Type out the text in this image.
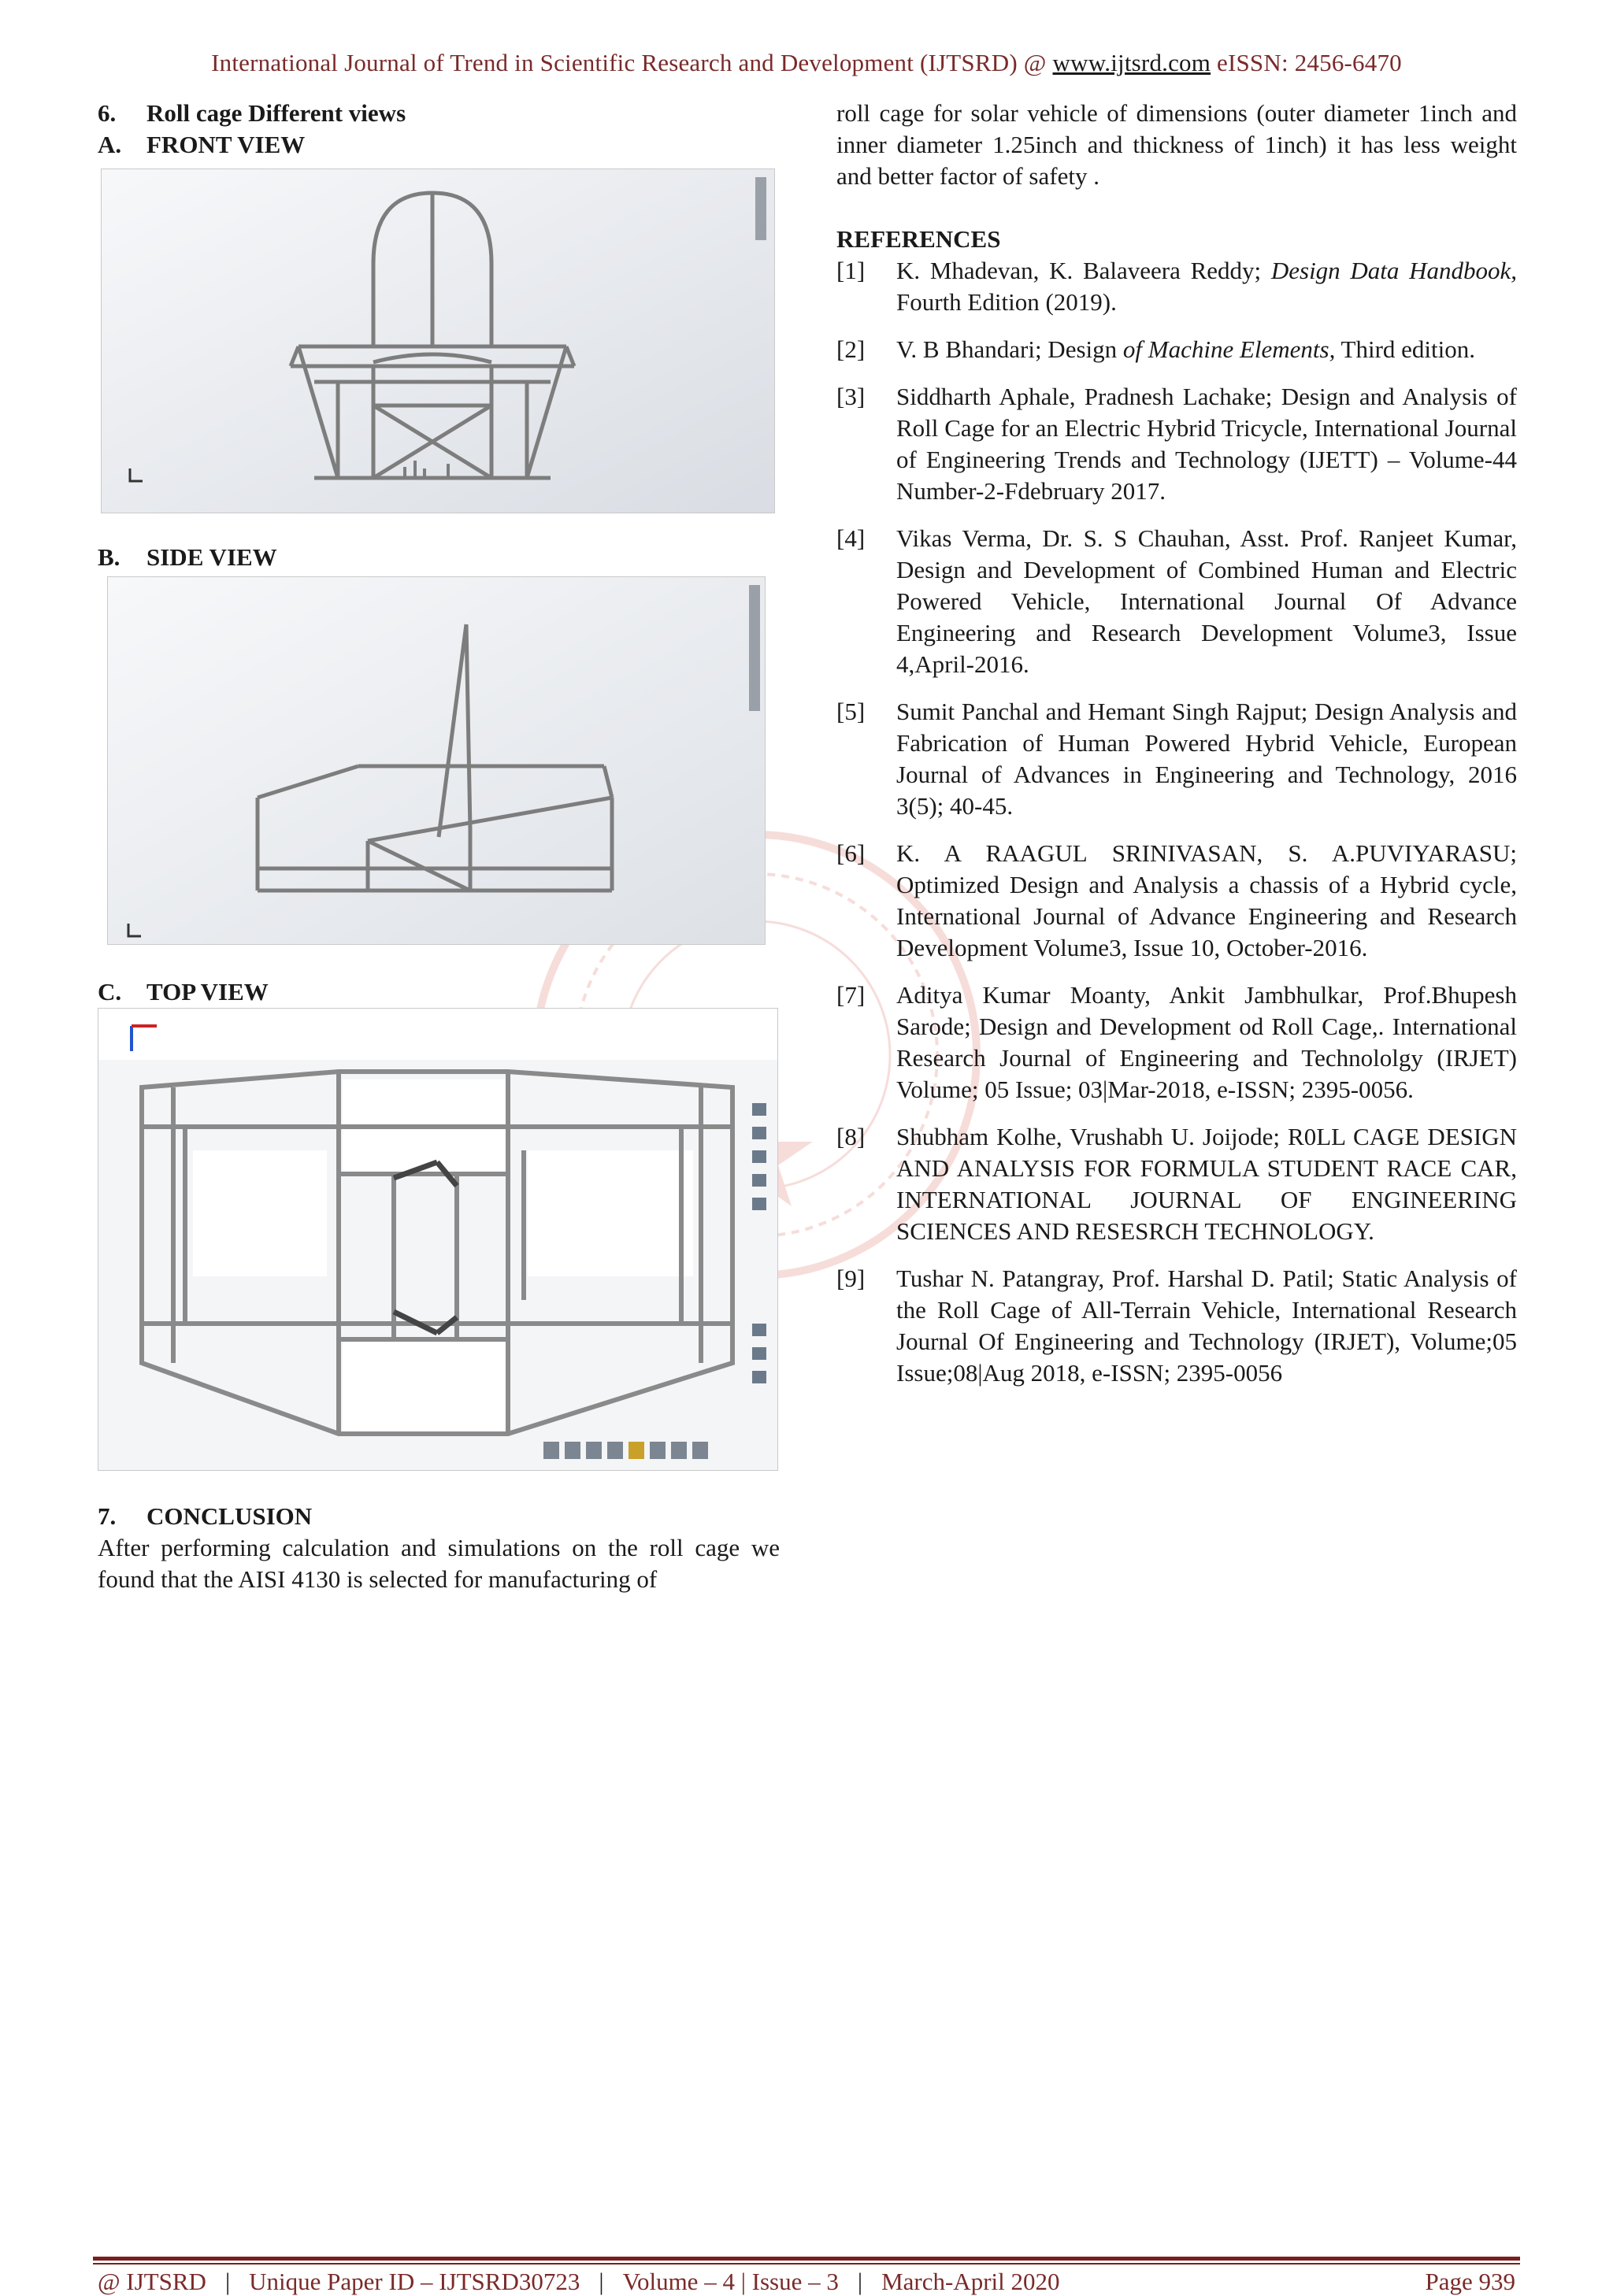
International Journal of Trend in Scientific Research and Development (IJTSRD) @ www.ijtsrd.com eISSN: 2456-6470

6. Roll cage Different views

A. FRONT VIEW

B. SIDE VIEW

C. TOP VIEW

7. CONCLUSION

After performing calculation and simulations on the roll cage we found that the AISI 4130 is selected for manufacturing of

roll cage for solar vehicle of dimensions (outer diameter 1inch and inner diameter 1.25inch and thickness of 1inch) it has less weight and better factor of safety .

REFERENCES

[1]	K. Mhadevan, K. Balaveera Reddy; Design Data Handbook, Fourth Edition (2019).
[2]	V. B Bhandari; Design of Machine Elements, Third edition.
[3]	Siddharth Aphale, Pradnesh Lachake; Design and Analysis of Roll Cage for an Electric Hybrid Tricycle, International Journal of Engineering Trends and Technology (IJETT) – Volume-44 Number-2-Fdebruary 2017.
[4]	Vikas Verma, Dr. S. S Chauhan, Asst. Prof. Ranjeet Kumar, Design and Development of Combined Human and Electric Powered Vehicle, International Journal Of Advance Engineering and Research Development Volume3, Issue 4,April-2016.
[5]	Sumit Panchal and Hemant Singh Rajput; Design Analysis and Fabrication of Human Powered Hybrid Vehicle, European Journal of Advances in Engineering and Technology, 2016 3(5); 40-45.
[6]	K. A RAAGUL SRINIVASAN, S. A.PUVIYARASU; Optimized Design and Analysis a chassis of a Hybrid cycle, International Journal of Advance Engineering and Research Development Volume3, Issue 10, October-2016.
[7]	Aditya Kumar Moanty, Ankit Jambhulkar, Prof.Bhupesh Sarode; Design and Development od Roll Cage,. International Research Journal of Engineering and Technololgy (IRJET) Volume; 05 Issue; 03|Mar-2018, e-ISSN; 2395-0056.
[8]	Shubham Kolhe, Vrushabh U. Joijode; R0LL CAGE DESIGN AND ANALYSIS FOR FORMULA STUDENT RACE CAR, INTERNATIONAL JOURNAL OF ENGINEERING SCIENCES AND RESESRCH TECHNOLOGY.
[9]	Tushar N. Patangray, Prof. Harshal D. Patil; Static Analysis of the Roll Cage of All-Terrain Vehicle, International Research Journal Of Engineering and Technology (IRJET), Volume;05 Issue;08|Aug 2018, e-ISSN; 2395-0056
@ IJTSRD | Unique Paper ID – IJTSRD30723 | Volume – 4 | Issue – 3 | March-April 2020	Page 939
